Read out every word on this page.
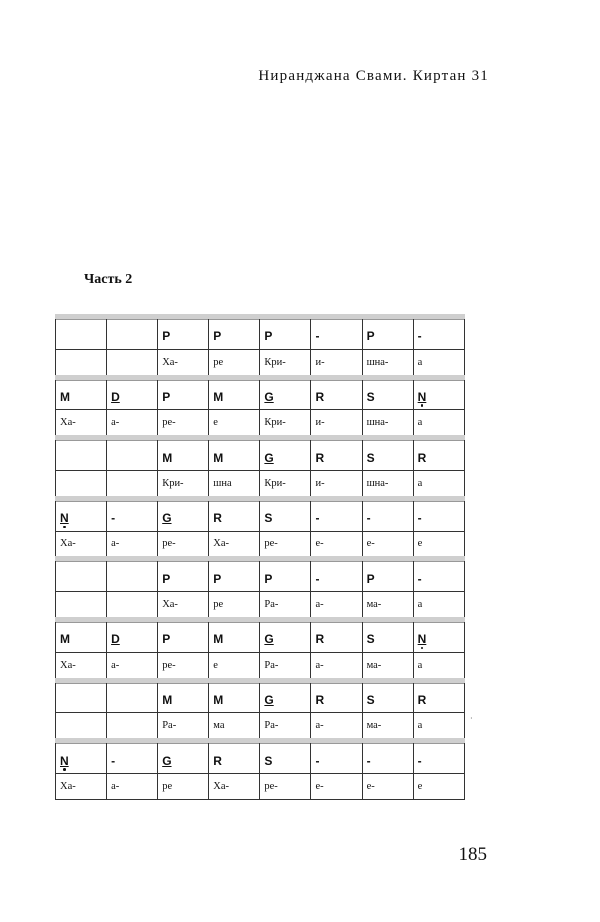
Ниранджана Свами. Киртан 31
Часть 2
		P	P	P	-	P	-
		Ха-	ре	Кри-	и-	шна-	а
M	D	P	M	G	R	S	N
Ха-	а-	ре-	е	Кри-	и-	шна-	а
		M	M	G	R	S	R
		Кри-	шна	Кри-	и-	шна-	а
N	-	G	R	S	-	-	-
Ха-	а-	ре-	Ха-	ре-	е-	е-	е
		P	P	P	-	P	-
		Ха-	ре	Ра-	а-	ма-	а
M	D	P	M	G	R	S	N
Ха-	а-	ре-	е	Ра-	а-	ма-	а
		M	M	G	R	S	R
		Ра-	ма	Ра-	а-	ма-	а
N	-	G	R	S	-	-	-
Ха-	а-	ре	Ха-	ре-	е-	е-	е
·
185
